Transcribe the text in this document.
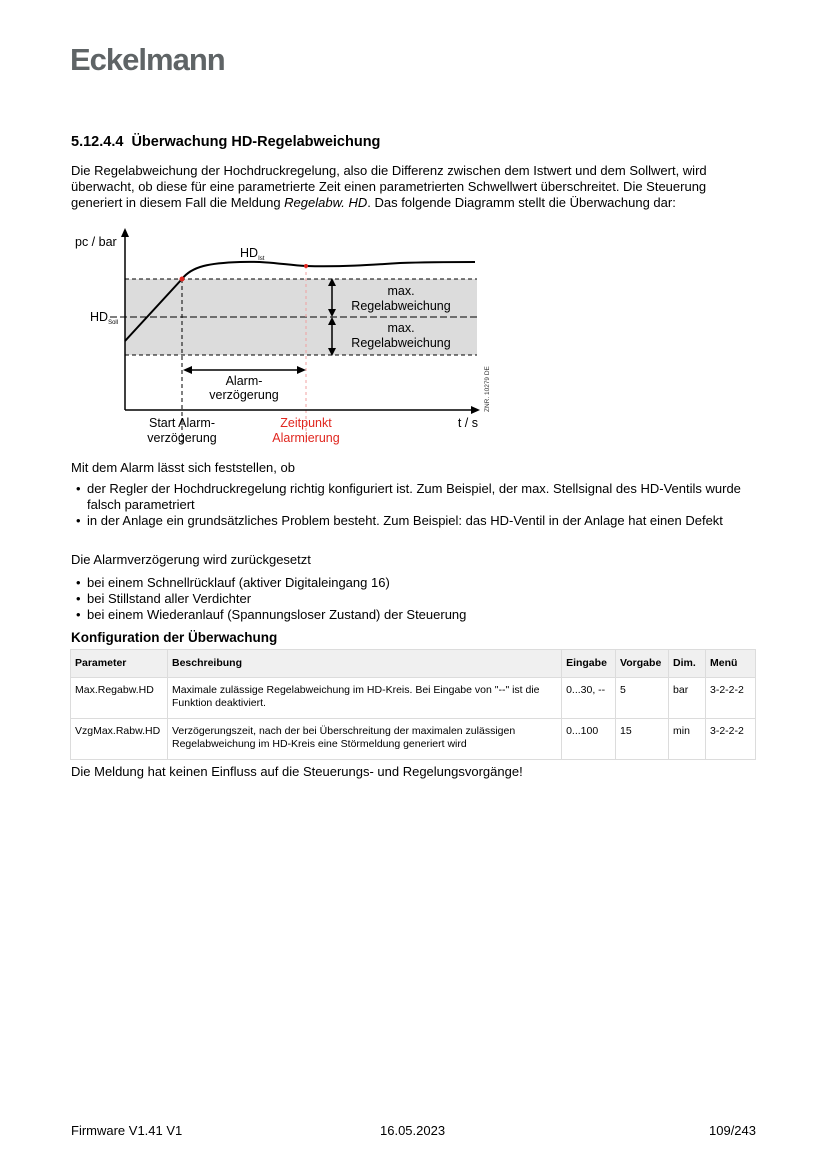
Eckelmann
5.12.4.4  Überwachung HD-Regelabweichung
Die Regelabweichung der Hochdruckregelung, also die Differenz zwischen dem Istwert und dem Sollwert, wird überwacht, ob diese für eine parametrierte Zeit einen parametrierten Schwellwert überschreitet. Die Steuerung generiert in diesem Fall die Meldung Regelabw. HD. Das folgende Diagramm stellt die Überwachung dar:
pc / bar
$HD_{Ist}$
$HD_{Soll}$
max.
Regelabweichung
max.
Regelabweichung
Alarm-
verzögerung
Start Alarm-
verzögerung
Zeitpunkt
Alarmierung
t / s
ZNR. 10279 DE
Mit dem Alarm lässt sich feststellen, ob
• der Regler der Hochdruckregelung richtig konfiguriert ist. Zum Beispiel, der max. Stellsignal des HD-Ventils wurde falsch parametriert
• in der Anlage ein grundsätzliches Problem besteht. Zum Beispiel: das HD-Ventil in der Anlage hat einen Defekt
Die Alarmverzögerung wird zurückgesetzt
• bei einem Schnellrücklauf (aktiver Digitaleingang 16)
• bei Stillstand aller Verdichter
• bei einem Wiederanlauf (Spannungsloser Zustand) der Steuerung
Konfiguration der Überwachung
Parameter	Beschreibung	Eingabe	Vorgabe	Dim.	Menü
Max.Regabw.HD	Maximale zulässige Regelabweichung im HD-Kreis. Bei Eingabe von "--" ist die Funktion deaktiviert.	0...30, --	5	bar	3-2-2-2
VzgMax.Rabw.HD	Verzögerungszeit, nach der bei Überschreitung der maximalen zulässigen Regelabweichung im HD-Kreis eine Störmeldung generiert wird	0...100	15	min	3-2-2-2
Die Meldung hat keinen Einfluss auf die Steuerungs- und Regelungsvorgänge!
Firmware V1.41 V1	16.05.2023	109/243
